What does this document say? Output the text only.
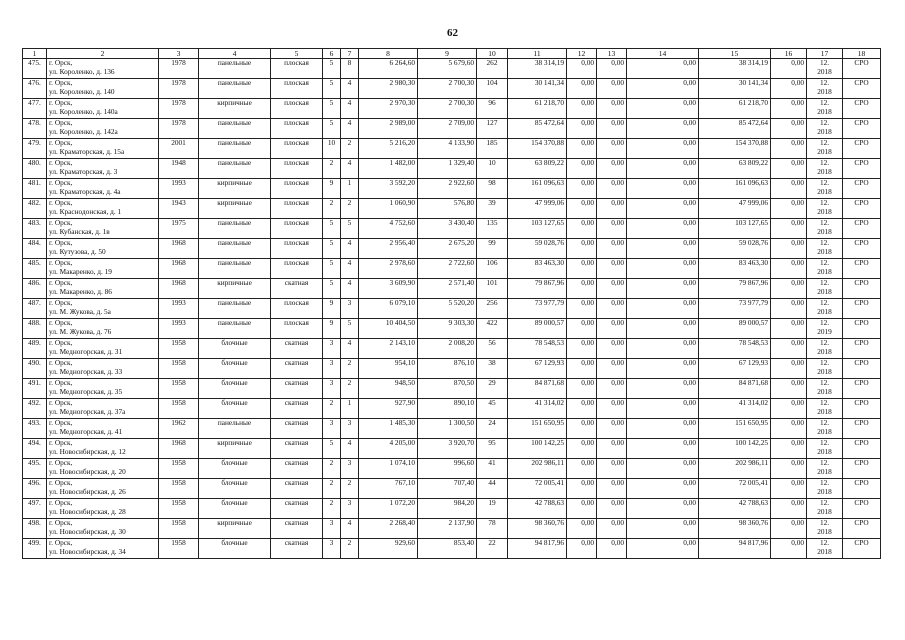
62
1	2	3	4	5	6	7	8	9	10	11	12	13	14	15	16	17	18
475.	г. Орск,
ул. Короленко, д. 136	1978	панельные	плоская	5	8	6 264,60	5 679,60	262	38 314,19	0,00	0,00	0,00	38 314,19	0,00	12.
2018	СРО
476.	г. Орск,
ул. Короленко, д. 140	1978	панельные	плоская	5	4	2 980,30	2 700,30	104	30 141,34	0,00	0,00	0,00	30 141,34	0,00	12.
2018	СРО
477.	г. Орск,
ул. Короленко, д. 140а	1978	кирпичные	плоская	5	4	2 970,30	2 700,30	96	61 218,70	0,00	0,00	0,00	61 218,70	0,00	12.
2018	СРО
478.	г. Орск,
ул. Короленко, д. 142а	1978	панельные	плоская	5	4	2 989,00	2 709,00	127	85 472,64	0,00	0,00	0,00	85 472,64	0,00	12.
2018	СРО
479.	г. Орск,
ул. Краматорская, д. 15а	2001	панельные	плоская	10	2	5 216,20	4 133,90	185	154 370,88	0,00	0,00	0,00	154 370,88	0,00	12.
2018	СРО
480.	г. Орск,
ул. Краматорская, д. 3	1948	панельные	плоская	2	4	1 482,00	1 329,40	10	63 809,22	0,00	0,00	0,00	63 809,22	0,00	12.
2018	СРО
481.	г. Орск,
ул. Краматорская, д. 4а	1993	кирпичные	плоская	9	1	3 592,20	2 922,60	98	161 096,63	0,00	0,00	0,00	161 096,63	0,00	12.
2018	СРО
482.	г. Орск,
ул. Краснодонская, д. 1	1943	кирпичные	плоская	2	2	1 060,90	576,80	39	47 999,06	0,00	0,00	0,00	47 999,06	0,00	12.
2018	СРО
483.	г. Орск,
ул. Кубанская, д. 1в	1975	панельные	плоская	5	5	4 752,60	3 430,40	135	103 127,65	0,00	0,00	0,00	103 127,65	0,00	12.
2018	СРО
484.	г. Орск,
ул. Кутузова, д. 50	1968	панельные	плоская	5	4	2 956,40	2 675,20	99	59 028,76	0,00	0,00	0,00	59 028,76	0,00	12.
2018	СРО
485.	г. Орск,
ул. Макаренко, д. 19	1968	панельные	плоская	5	4	2 978,60	2 722,60	106	83 463,30	0,00	0,00	0,00	83 463,30	0,00	12.
2018	СРО
486.	г. Орск,
ул. Макаренко, д. 86	1968	кирпичные	скатная	5	4	3 609,90	2 571,40	101	79 867,96	0,00	0,00	0,00	79 867,96	0,00	12.
2018	СРО
487.	г. Орск,
ул. М. Жукова, д. 5а	1993	панельные	плоская	9	3	6 079,10	5 520,20	256	73 977,79	0,00	0,00	0,00	73 977,79	0,00	12.
2018	СРО
488.	г. Орск,
ул. М. Жукова, д. 76	1993	панельные	плоская	9	5	10 404,50	9 303,30	422	89 000,57	0,00	0,00	0,00	89 000,57	0,00	12.
2019	СРО
489.	г. Орск,
ул. Медногорская, д. 31	1958	блочные	скатная	3	4	2 143,10	2 008,20	56	78 548,53	0,00	0,00	0,00	78 548,53	0,00	12.
2018	СРО
490.	г. Орск,
ул. Медногорская, д. 33	1958	блочные	скатная	3	2	954,10	876,10	38	67 129,93	0,00	0,00	0,00	67 129,93	0,00	12.
2018	СРО
491.	г. Орск,
ул. Медногорская, д. 35	1958	блочные	скатная	3	2	948,50	870,50	29	84 871,68	0,00	0,00	0,00	84 871,68	0,00	12.
2018	СРО
492.	г. Орск,
ул. Медногорская, д. 37а	1958	блочные	скатная	2	1	927,90	890,10	45	41 314,02	0,00	0,00	0,00	41 314,02	0,00	12.
2018	СРО
493.	г. Орск,
ул. Медногорская, д. 41	1962	панельные	скатная	3	3	1 485,30	1 300,50	24	151 650,95	0,00	0,00	0,00	151 650,95	0,00	12.
2018	СРО
494.	г. Орск,
ул. Новосибирская, д. 12	1968	кирпичные	скатная	5	4	4 205,00	3 920,70	95	100 142,25	0,00	0,00	0,00	100 142,25	0,00	12.
2018	СРО
495.	г. Орск,
ул. Новосибирская, д. 20	1958	блочные	скатная	2	3	1 074,10	996,60	41	202 986,11	0,00	0,00	0,00	202 986,11	0,00	12.
2018	СРО
496.	г. Орск,
ул. Новосибирская, д. 26	1958	блочные	скатная	2	2	767,10	707,40	44	72 005,41	0,00	0,00	0,00	72 005,41	0,00	12.
2018	СРО
497.	г. Орск,
ул. Новосибирская, д. 28	1958	блочные	скатная	2	3	1 072,20	984,20	19	42 788,63	0,00	0,00	0,00	42 788,63	0,00	12.
2018	СРО
498.	г. Орск,
ул. Новосибирская, д. 30	1958	кирпичные	скатная	3	4	2 268,40	2 137,90	78	98 360,76	0,00	0,00	0,00	98 360,76	0,00	12.
2018	СРО
499.	г. Орск,
ул. Новосибирская, д. 34	1958	блочные	скатная	3	2	929,60	853,40	22	94 817,96	0,00	0,00	0,00	94 817,96	0,00	12.
2018	СРО
